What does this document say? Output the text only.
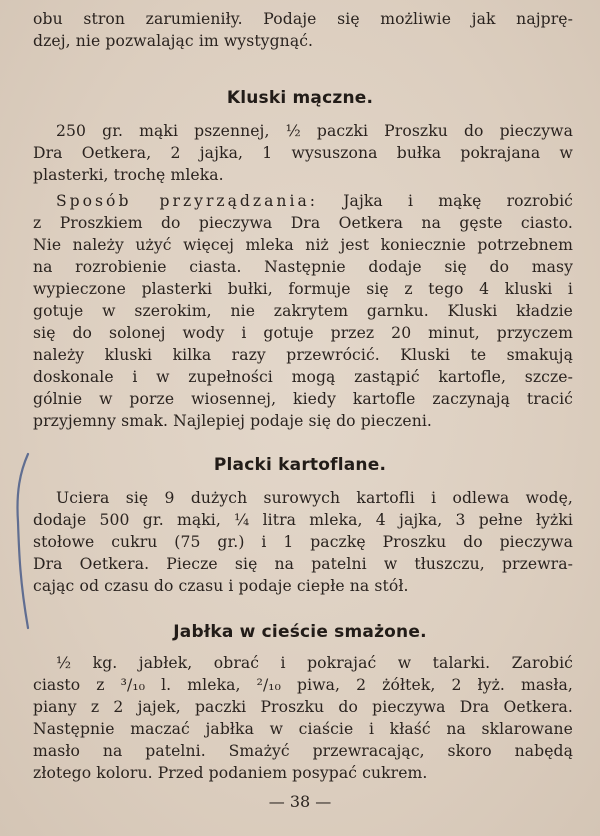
obu stron zarumieniły. Podaje się możliwie jak najprę-
dzej, nie pozwalając im wystygnąć.
Kluski mączne.
250 gr. mąki pszennej, ½ paczki Proszku do pieczywa
Dra Oetkera, 2 jajka, 1 wysuszona bułka pokrajana w
plasterki, trochę mleka.
Sposób przyrządzania: Jajka i mąkę rozrobić
z Proszkiem do pieczywa Dra Oetkera na gęste ciasto.
Nie należy użyć więcej mleka niż jest koniecznie potrzebnem
na rozrobienie ciasta. Następnie dodaje się do masy
wypieczone plasterki bułki, formuje się z tego 4 kluski i
gotuje w szerokim, nie zakrytem garnku. Kluski kładzie
się do solonej wody i gotuje przez 20 minut, przyczem
należy kluski kilka razy przewrócić. Kluski te smakują
doskonale i w zupełności mogą zastąpić kartofle, szcze-
gólnie w porze wiosennej, kiedy kartofle zaczynają tracić
przyjemny smak. Najlepiej podaje się do pieczeni.
Placki kartoflane.
Uciera się 9 dużych surowych kartofli i odlewa wodę,
dodaje 500 gr. mąki, ¼ litra mleka, 4 jajka, 3 pełne łyżki
stołowe cukru (75 gr.) i 1 paczkę Proszku do pieczywa
Dra Oetkera. Piecze się na patelni w tłuszczu, przewra-
cając od czasu do czasu i podaje ciepłe na stół.
Jabłka w cieście smażone.
½ kg. jabłek, obrać i pokrajać w talarki. Zarobić
ciasto z ³/₁₀ l. mleka, ²/₁₀ piwa, 2 żółtek, 2 łyż. masła,
piany z 2 jajek, paczki Proszku do pieczywa Dra Oetkera.
Następnie maczać jabłka w ciaście i kłaść na sklarowane
masło na patelni. Smażyć przewracając, skoro nabędą
złotego koloru. Przed podaniem posypać cukrem.
— 38 —
